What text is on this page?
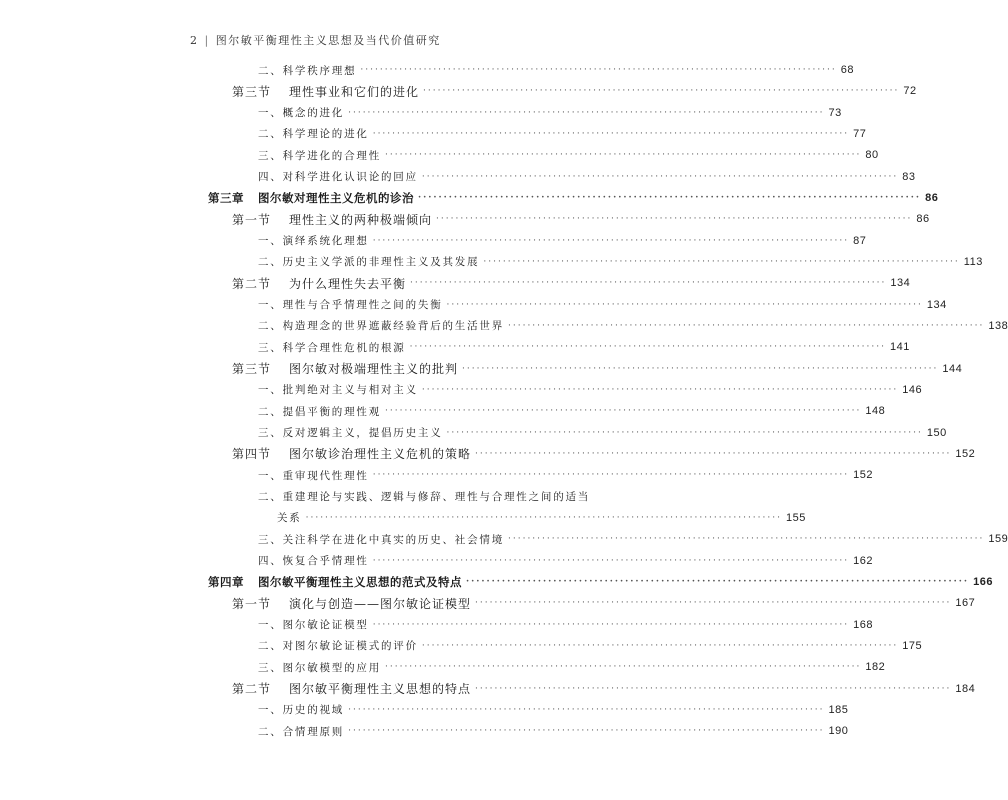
2 | 图尔敏平衡理性主义思想及当代价值研究
二、科学秩序理想 ·································································································· 68
第三节 理性事业和它们的进化 ·································································································· 72
一、概念的进化 ·································································································· 73
二、科学理论的进化 ·································································································· 77
三、科学进化的合理性 ·································································································· 80
四、对科学进化认识论的回应 ·································································································· 83
第三章 图尔敏对理性主义危机的诊治 ·································································································· 86
第一节 理性主义的两种极端倾向 ·································································································· 86
一、演绎系统化理想 ·································································································· 87
二、历史主义学派的非理性主义及其发展 ·································································································· 113
第二节 为什么理性失去平衡 ·································································································· 134
一、理性与合乎情理性之间的失衡 ·································································································· 134
二、构造理念的世界遮蔽经验背后的生活世界 ·································································································· 138
三、科学合理性危机的根源 ·································································································· 141
第三节 图尔敏对极端理性主义的批判 ·································································································· 144
一、批判绝对主义与相对主义 ·································································································· 146
二、提倡平衡的理性观 ·································································································· 148
三、反对逻辑主义，提倡历史主义 ·································································································· 150
第四节 图尔敏诊治理性主义危机的策略 ·································································································· 152
一、重审现代性理性 ·································································································· 152
二、重建理论与实践、逻辑与修辞、理性与合理性之间的适当
关系 ·································································································· 155
三、关注科学在进化中真实的历史、社会情境 ·································································································· 159
四、恢复合乎情理性 ·································································································· 162
第四章 图尔敏平衡理性主义思想的范式及特点 ·································································································· 166
第一节 演化与创造——图尔敏论证模型 ·································································································· 167
一、图尔敏论证模型 ·································································································· 168
二、对图尔敏论证模式的评价 ·································································································· 175
三、图尔敏模型的应用 ·································································································· 182
第二节 图尔敏平衡理性主义思想的特点 ·································································································· 184
一、历史的视域 ·································································································· 185
二、合情理原则 ·································································································· 190
